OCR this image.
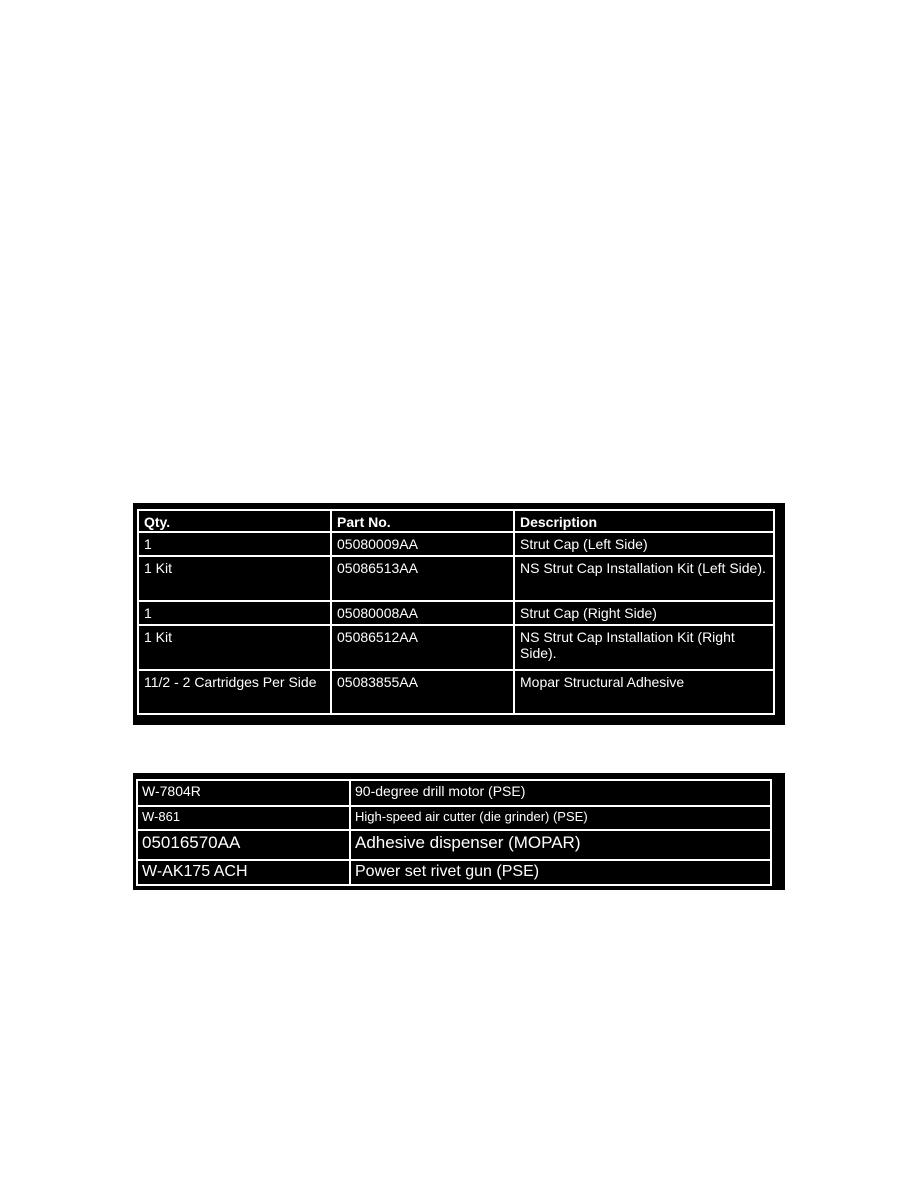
Qty.	Part No.	Description
1	05080009AA	Strut Cap (Left Side)
1 Kit	05086513AA	NS Strut Cap Installation Kit (Left Side).
1	05080008AA	Strut Cap (Right Side)
1 Kit	05086512AA	NS Strut Cap Installation Kit (Right Side).
11/2 - 2 Cartridges Per Side	05083855AA	Mopar Structural Adhesive
W-7804R	90-degree drill motor (PSE)
W-861	High-speed air cutter (die grinder) (PSE)
05016570AA	Adhesive dispenser (MOPAR)
W-AK175 ACH	Power set rivet gun (PSE)
